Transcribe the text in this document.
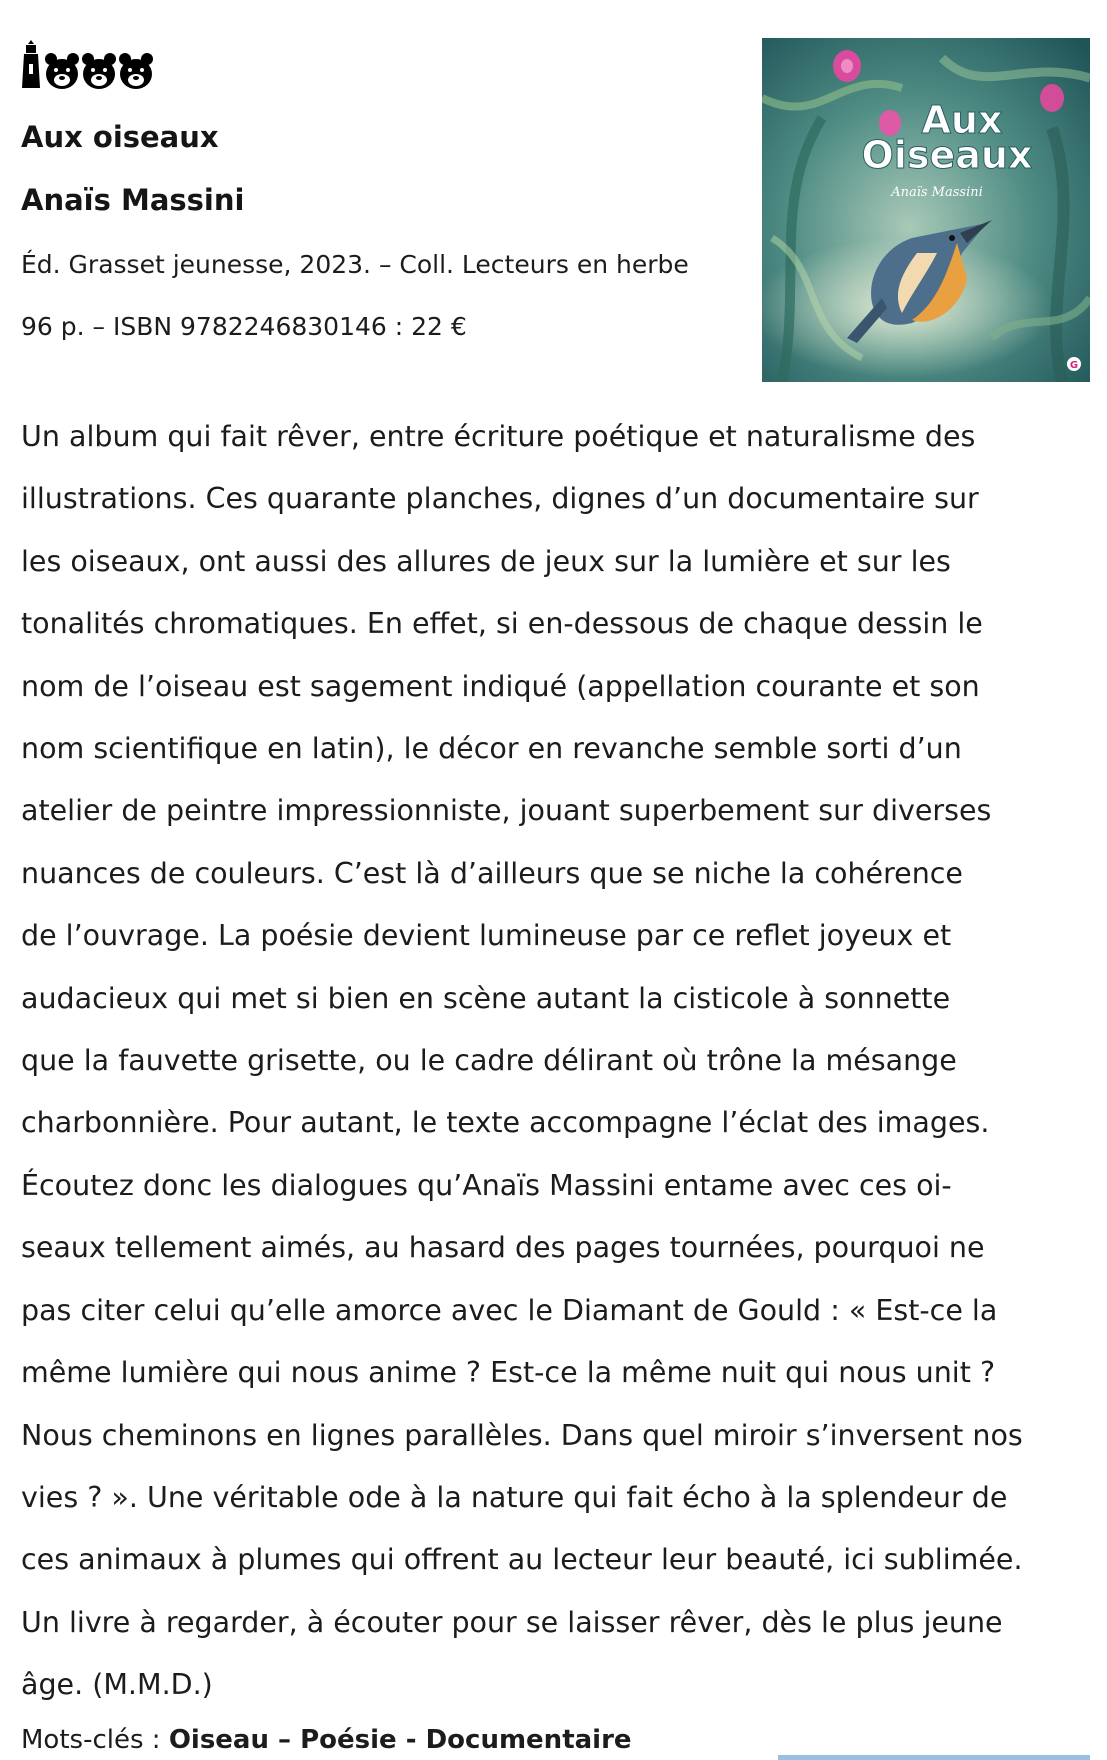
Aux oiseaux
Anaïs Massini
Éd. Grasset jeunesse, 2023. – Coll. Lecteurs en herbe
96 p. – ISBN 9782246830146 : 22 €
Aux
Oiseaux
Anaïs Massini
G
Un album qui fait rêver, entre écriture poétique et naturalisme des
illustrations. Ces quarante planches, dignes d’un documentaire sur
les oiseaux, ont aussi des allures de jeux sur la lumière et sur les
tonalités chromatiques. En effet, si en-dessous de chaque dessin le
nom de l’oiseau est sagement indiqué (appellation courante et son
nom scientifique en latin), le décor en revanche semble sorti d’un
atelier de peintre impressionniste, jouant superbement sur diverses
nuances de couleurs. C’est là d’ailleurs que se niche la cohérence
de l’ouvrage. La poésie devient lumineuse par ce reflet joyeux et
audacieux qui met si bien en scène autant la cisticole à sonnette
que la fauvette grisette, ou le cadre délirant où trône la mésange
charbonnière. Pour autant, le texte accompagne l’éclat des images.
Écoutez donc les dialogues qu’Anaïs Massini entame avec ces oi-
seaux tellement aimés, au hasard des pages tournées, pourquoi ne
pas citer celui qu’elle amorce avec le Diamant de Gould : « Est-ce la
même lumière qui nous anime ? Est-ce la même nuit qui nous unit ?
Nous cheminons en lignes parallèles. Dans quel miroir s’inversent nos
vies ? ». Une véritable ode à la nature qui fait écho à la splendeur de
ces animaux à plumes qui offrent au lecteur leur beauté, ici sublimée.
Un livre à regarder, à écouter pour se laisser rêver, dès le plus jeune
âge. (M.M.D.)
Mots-clés : Oiseau – Poésie - Documentaire
